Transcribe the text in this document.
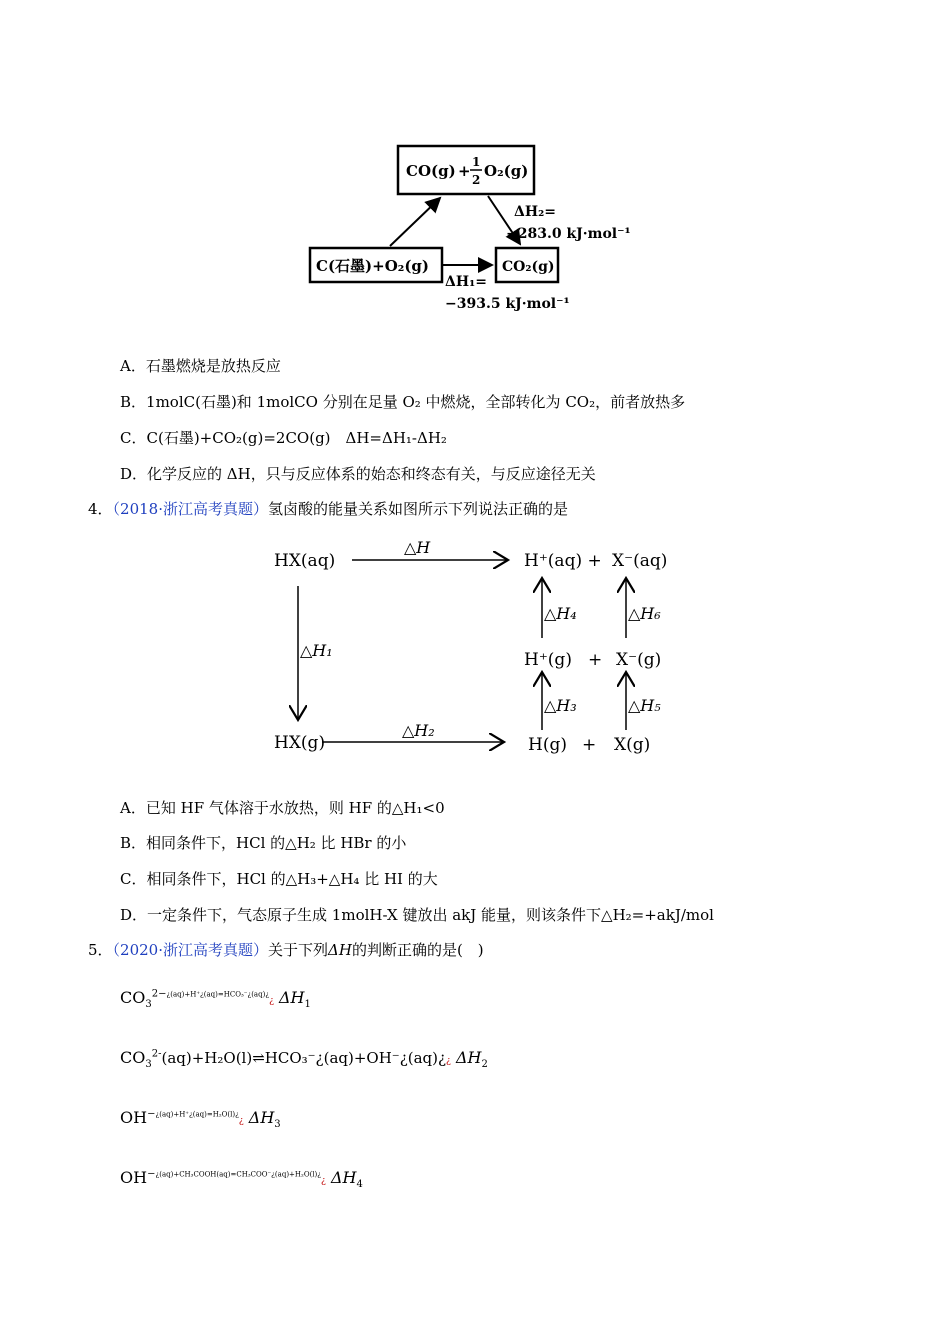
CO(g) + 1
2 O₂(g)
C(石墨)+O₂(g)	CO₂(g)
ΔH₂=
−283.0 kJ·mol⁻¹
ΔH₁=
−393.5 kJ·mol⁻¹
A．石墨燃烧是放热反应
B．1molC(石墨)和 1molCO 分别在足量 O₂ 中燃烧，全部转化为 CO₂，前者放热多
C．C(石墨)+CO₂(g)=2CO(g)　ΔH=ΔH₁-ΔH₂
D．化学反应的 ΔH，只与反应体系的始态和终态有关，与反应途径无关
4．（2018·浙江高考真题）氢卤酸的能量关系如图所示下列说法正确的是
HX(aq)
△H
H⁺(aq) + X⁻(aq)
△H₁
△H₄	△H₆
H⁺(g) + X⁻(g)
△H₃	△H₅
HX(g)
△H₂
H(g) + X(g)
A．已知 HF 气体溶于水放热，则 HF 的△H₁<0
B．相同条件下，HCl 的△H₂ 比 HBr 的小
C．相同条件下，HCl 的△H₃+△H₄ 比 HI 的大
D．一定条件下，气态原子生成 1molH-X 键放出 akJ 能量，则该条件下△H₂=+akJ/mol
5．（2020·浙江高考真题）关于下列ΔH的判断正确的是(　)
$CO_3^{2-¿(aq)+H^+¿(aq)=HCO_3^-¿(aq)¿}¿$ $\Delta H_1$
$CO_3^{2-}(aq)+H_2O(l)\rightleftharpoons HCO_3^-¿(aq)+OH^-¿(aq)¿¿$ $\Delta H_2$
$OH^{-¿(aq)+H^+¿(aq)=H_2O(l)¿}¿$ $\Delta H_3$
$OH^{-¿(aq)+CH_3COOH(aq)=CH_3COO^-¿(aq)+H_2O(l)¿}¿$ $\Delta H_4$
